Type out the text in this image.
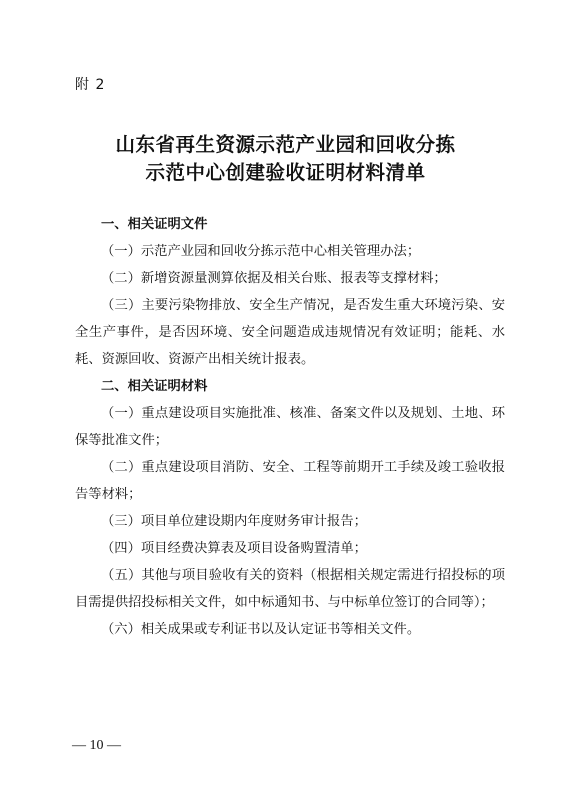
附 2
山东省再生资源示范产业园和回收分拣
示范中心创建验收证明材料清单
一、相关证明文件
（一）示范产业园和回收分拣示范中心相关管理办法；
（二）新增资源量测算依据及相关台账、报表等支撑材料；
（三）主要污染物排放、安全生产情况，是否发生重大环境污染、安全生产事件，是否因环境、安全问题造成违规情况有效证明；能耗、水耗、资源回收、资源产出相关统计报表。
二、相关证明材料
（一）重点建设项目实施批准、核准、备案文件以及规划、土地、环保等批准文件；
（二）重点建设项目消防、安全、工程等前期开工手续及竣工验收报告等材料；
（三）项目单位建设期内年度财务审计报告；
（四）项目经费决算表及项目设备购置清单；
（五）其他与项目验收有关的资料（根据相关规定需进行招投标的项目需提供招投标相关文件，如中标通知书、与中标单位签订的合同等）；
（六）相关成果或专利证书以及认定证书等相关文件。
— 10 —
